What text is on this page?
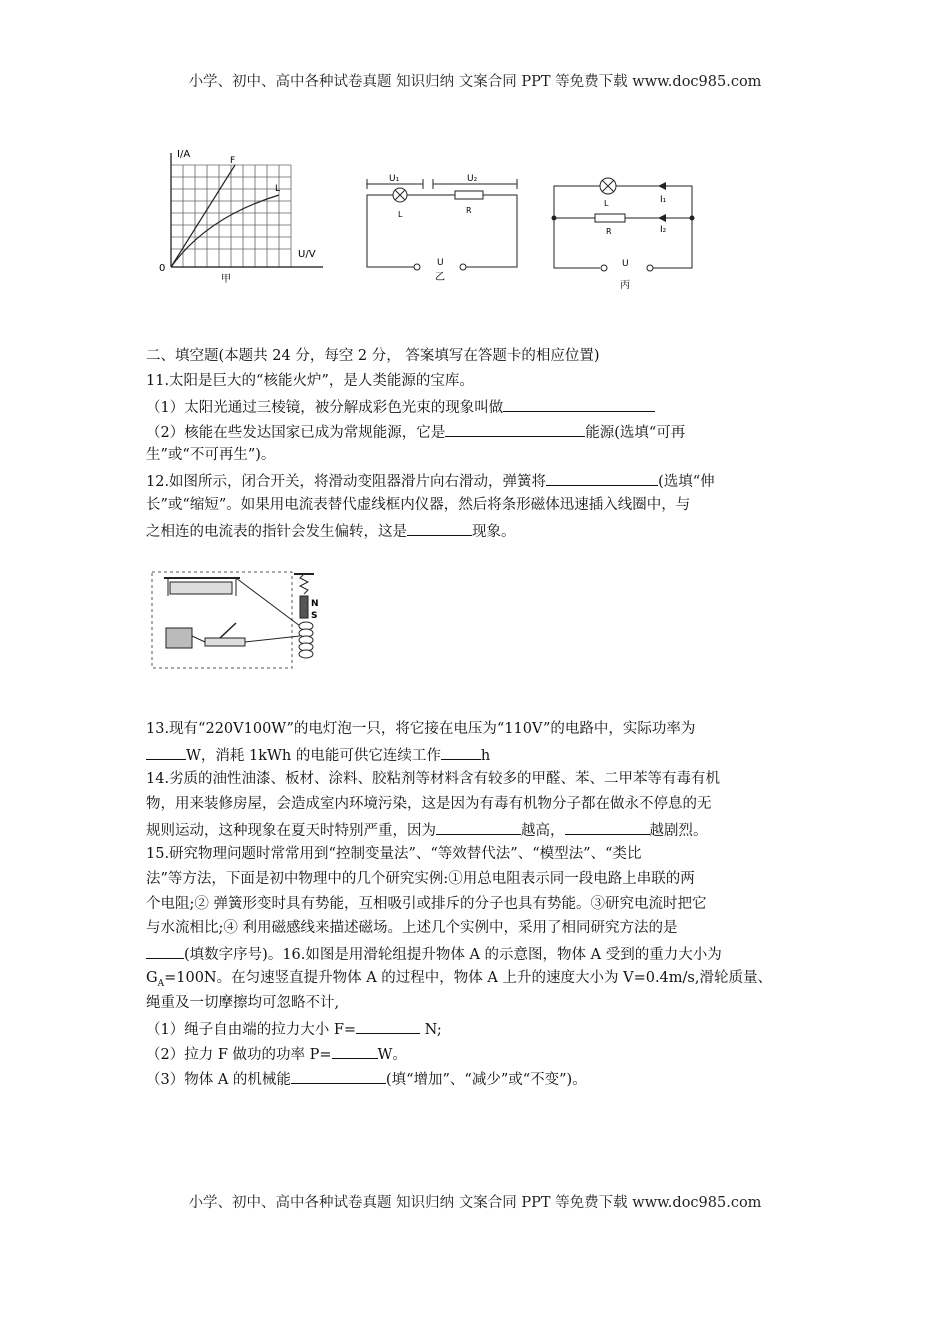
小学、初中、高中各种试卷真题 知识归纳 文案合同 PPT 等免费下载 www.doc985.com
I/A
U/V
0
F
L
甲
U₁	U₂
L	R
U
乙
L
R
I₁
I₂
U
丙
二、填空题(本题共 24 分，每空 2 分， 答案填写在答题卡的相应位置)
11.太阳是巨大的“核能火炉”，是人类能源的宝库。
（1）太阳光通过三棱镜，被分解成彩色光束的现象叫做
（2）核能在些发达国家已成为常规能源，它是	能源(选填“可再
生”或“不可再生”)。
12.如图所示，闭合开关，将滑动变阻器滑片向右滑动，弹簧将	(选填“伸
长”或“缩短”。如果用电流表替代虚线框内仪器，然后将条形磁体迅速插入线圈中，与
之相连的电流表的指针会发生偏转，这是	现象。
N
S
13.现有“220V100W”的电灯泡一只，将它接在电压为“110V”的电路中，实际功率为
W，消耗 1kWh 的电能可供它连续工作	h
14.劣质的油性油漆、板材、涂料、胶粘剂等材料含有较多的甲醛、苯、二甲苯等有毒有机
物，用来装修房屋，会造成室内环境污染，这是因为有毒有机物分子都在做永不停息的无
规则运动，这种现象在夏天时特别严重，因为	越高，	越剧烈。
15.研究物理问题时常常用到“控制变量法”、“等效替代法”、“模型法”、“类比
法”等方法，下面是初中物理中的几个研究实例:①用总电阻表示同一段电路上串联的两
个电阻;② 弹簧形变时具有势能，互相吸引或排斥的分子也具有势能。③研究电流时把它
与水流相比;④ 利用磁感线来描述磁场。上述几个实例中，采用了相同研究方法的是
(填数字序号)。16.如图是用滑轮组提升物体 A 的示意图，物体 A 受到的重力大小为
$G_A=100N$。在匀速竖直提升物体 A 的过程中，物体 A 上升的速度大小为 V=0.4m/s,滑轮质量、
绳重及一切摩擦均可忽略不计,
（1）绳子自由端的拉力大小 F=	N;
（2）拉力 F 做功的功率 P=	W。
（3）物体 A 的机械能	(填“增加”、“减少”或“不变”)。
小学、初中、高中各种试卷真题 知识归纳 文案合同 PPT 等免费下载 www.doc985.com
